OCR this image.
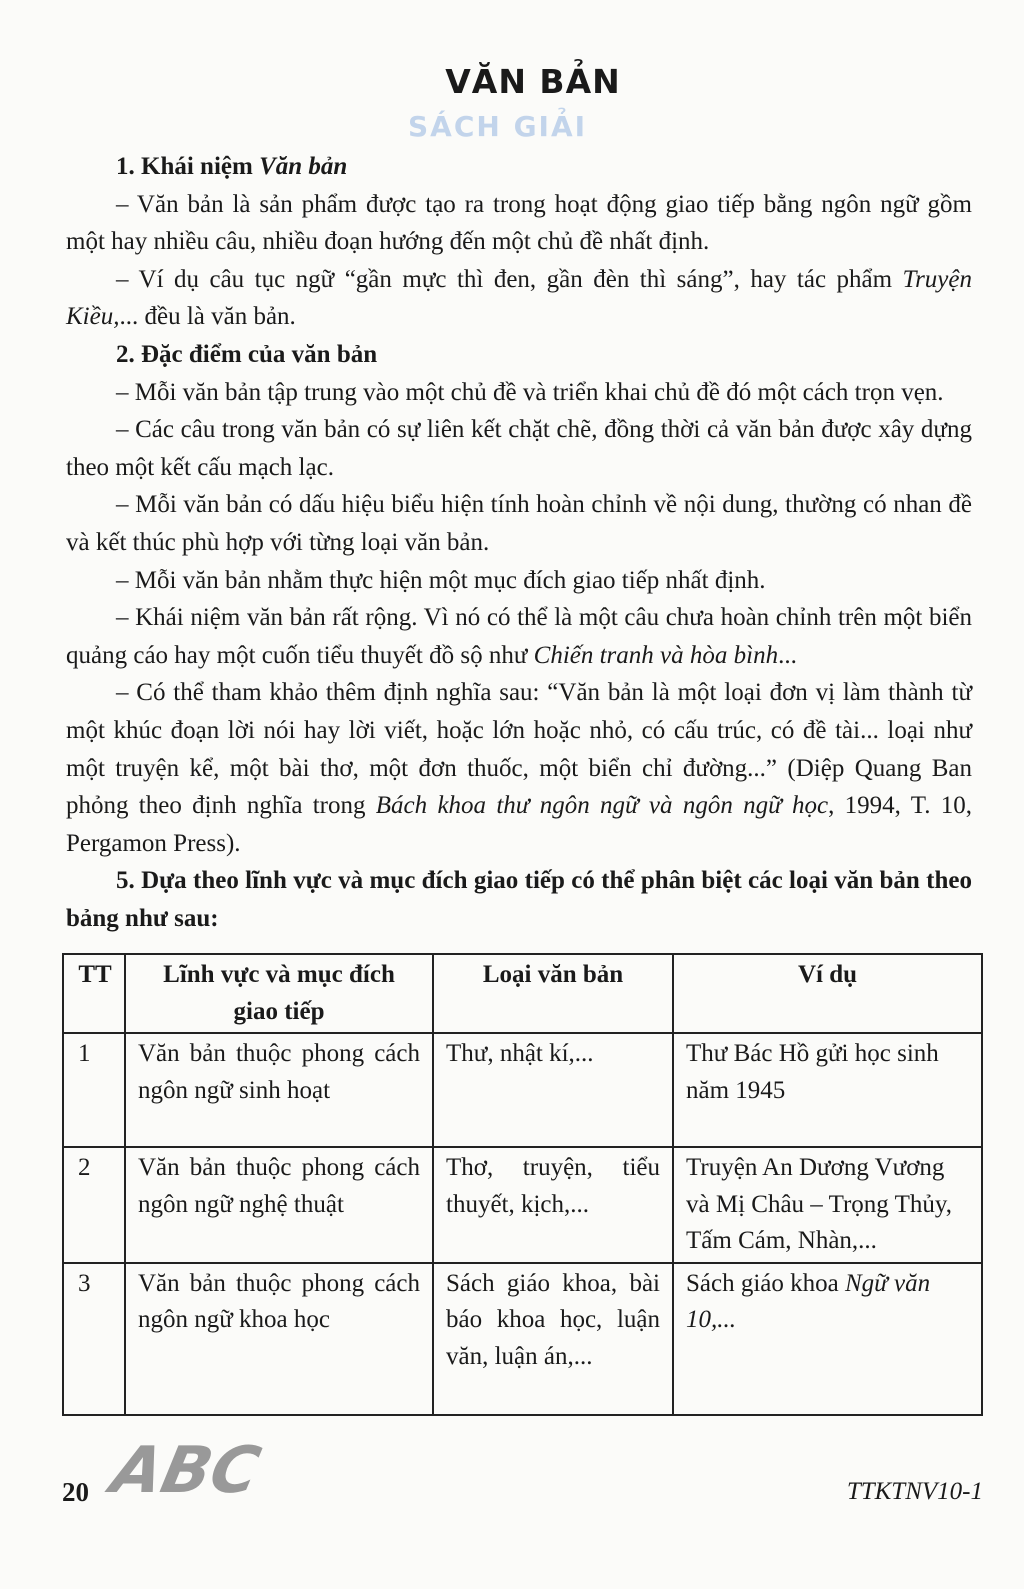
VĂN BẢN
SÁCH GIẢI

1. Khái niệm Văn bản

– Văn bản là sản phẩm được tạo ra trong hoạt động giao tiếp bằng ngôn ngữ gồm một hay nhiều câu, nhiều đoạn hướng đến một chủ đề nhất định.

– Ví dụ câu tục ngữ “gần mực thì đen, gần đèn thì sáng”, hay tác phẩm Truyện Kiều,... đều là văn bản.

2. Đặc điểm của văn bản

– Mỗi văn bản tập trung vào một chủ đề và triển khai chủ đề đó một cách trọn vẹn.

– Các câu trong văn bản có sự liên kết chặt chẽ, đồng thời cả văn bản được xây dựng theo một kết cấu mạch lạc.

– Mỗi văn bản có dấu hiệu biểu hiện tính hoàn chỉnh về nội dung, thường có nhan đề và kết thúc phù hợp với từng loại văn bản.

– Mỗi văn bản nhằm thực hiện một mục đích giao tiếp nhất định.

– Khái niệm văn bản rất rộng. Vì nó có thể là một câu chưa hoàn chỉnh trên một biển quảng cáo hay một cuốn tiểu thuyết đồ sộ như Chiến tranh và hòa bình...

– Có thể tham khảo thêm định nghĩa sau: “Văn bản là một loại đơn vị làm thành từ một khúc đoạn lời nói hay lời viết, hoặc lớn hoặc nhỏ, có cấu trúc, có đề tài... loại như một truyện kể, một bài thơ, một đơn thuốc, một biển chỉ đường...” (Diệp Quang Ban phỏng theo định nghĩa trong Bách khoa thư ngôn ngữ và ngôn ngữ học, 1994, T. 10, Pergamon Press).

5. Dựa theo lĩnh vực và mục đích giao tiếp có thể phân biệt các loại văn bản theo bảng như sau:

TT	Lĩnh vực và mục đích giao tiếp	Loại văn bản	Ví dụ
1	Văn bản thuộc phong cách ngôn ngữ sinh hoạt	Thư, nhật kí,...	Thư Bác Hồ gửi học sinh năm 1945
2	Văn bản thuộc phong cách ngôn ngữ nghệ thuật	Thơ, truyện, tiểu thuyết, kịch,...	Truyện An Dương Vương và Mị Châu – Trọng Thủy, Tấm Cám, Nhàn,...
3	Văn bản thuộc phong cách ngôn ngữ khoa học	Sách giáo khoa, bài báo khoa học, luận văn, luận án,...	Sách giáo khoa Ngữ văn 10,...
20 ABC	TTKTNV10-1
